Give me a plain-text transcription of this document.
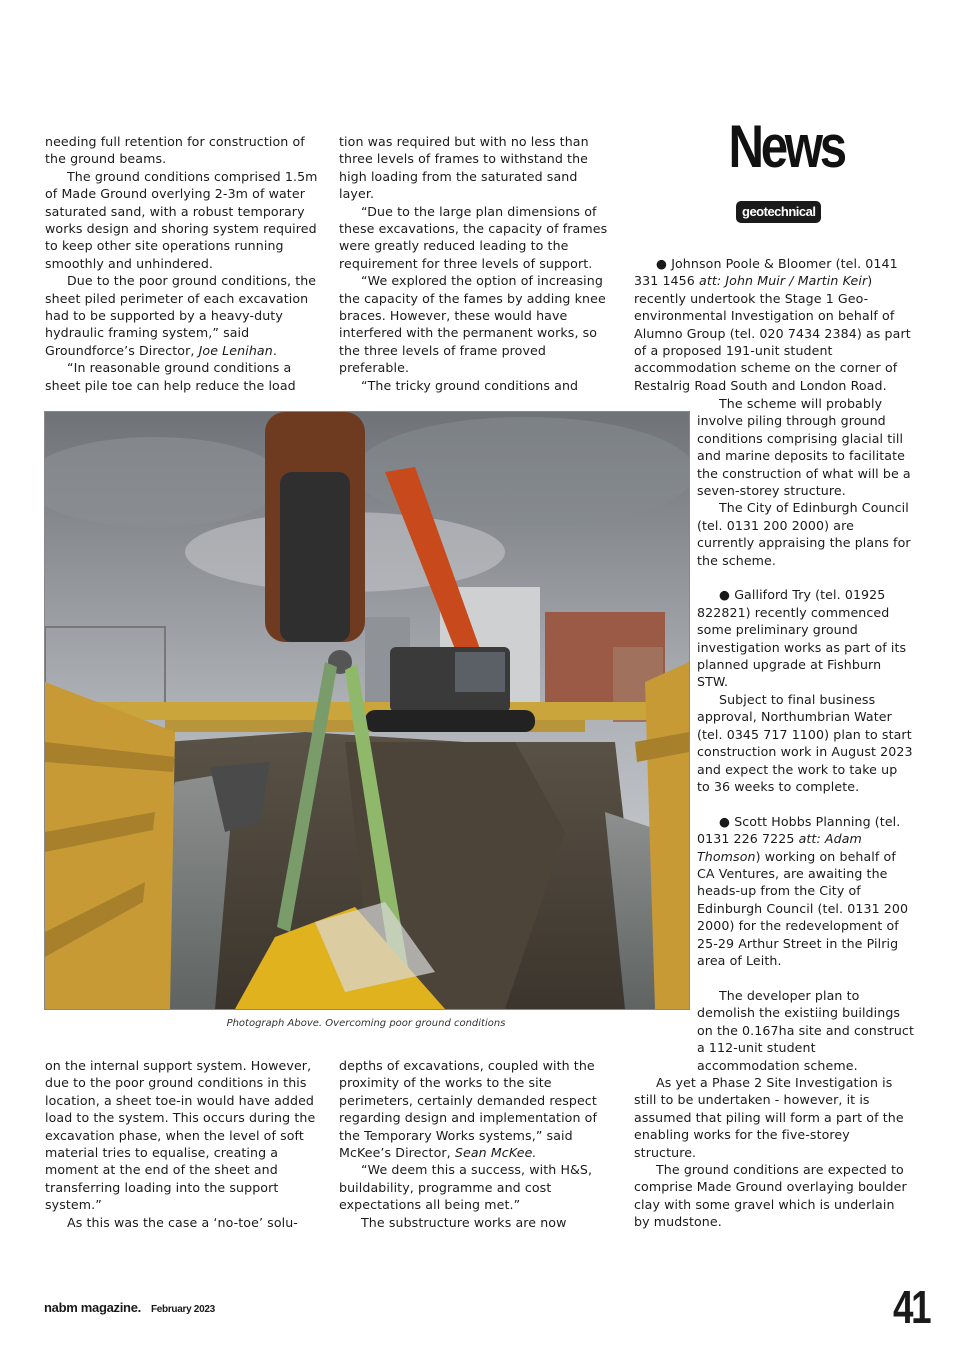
News
geotechnical

needing full retention for construction of the ground beams.

The ground conditions comprised 1.5m of Made Ground overlying 2-3m of water saturated sand, with a robust temporary works design and shoring system required to keep other site operations running smoothly and unhindered.

Due to the poor ground conditions, the sheet piled perimeter of each excavation had to be supported by a heavy-duty hydraulic framing system,” said Groundforce’s Director, Joe Lenihan.

“In reasonable ground conditions a sheet pile toe can help reduce the load

tion was required but with no less than three levels of frames to withstand the high loading from the saturated sand layer.

“Due to the large plan dimensions of these excavations, the capacity of frames were greatly reduced leading to the requirement for three levels of support.

“We explored the option of increasing the capacity of the fames by adding knee braces. However, these would have interfered with the permanent works, so the three levels of frame proved preferable.

“The tricky ground conditions and

Photograph Above. Overcoming poor ground conditions

on the internal support system. However, due to the poor ground conditions in this location, a sheet toe-in would have added load to the system. This occurs during the excavation phase, when the level of soft material tries to equalise, creating a moment at the end of the sheet and transferring loading into the support system.”

As this was the case a ‘no-toe’ solu-

depths of excavations, coupled with the proximity of the works to the site perimeters, certainly demanded respect regarding design and implementation of the Temporary Works systems,” said McKee’s Director, Sean McKee.

“We deem this a success, with H&S, buildability, programme and cost expectations all being met.”

The substructure works are now

● Johnson Poole & Bloomer (tel. 0141 331 1456 att: John Muir / Martin Keir) recently undertook the Stage 1 Geo-environmental Investigation on behalf of Alumno Group (tel. 020 7434 2384) as part of a proposed 191-unit student accommodation scheme on the corner of Restalrig Road South and London Road.

The scheme will probably involve piling through ground conditions comprising glacial till and marine deposits to facilitate the construction of what will be a seven-storey structure.

The City of Edinburgh Council (tel. 0131 200 2000) are currently appraising the plans for the scheme.

● Galliford Try (tel. 01925 822821) recently commenced some preliminary ground investigation works as part of its planned upgrade at Fishburn STW.

Subject to final business approval, Northumbrian Water (tel. 0345 717 1100) plan to start construction work in August 2023 and expect the work to take up to 36 weeks to complete.

● Scott Hobbs Planning (tel. 0131 226 7225 att: Adam Thomson) working on behalf of CA Ventures, are awaiting the heads-up from the City of Edinburgh Council (tel. 0131 200 2000) for the redevelopment of 25-29 Arthur Street in the Pilrig area of Leith.

The developer plan to demolish the existiing buildings on the 0.167ha site and construct a 112-unit student accommodation scheme.

As yet a Phase 2 Site Investigation is still to be undertaken - however, it is assumed that piling will form a part of the enabling works for the five-storey structure.

The ground conditions are expected to comprise Made Ground overlaying boulder clay with some gravel which is underlain by mudstone.

nabm magazine. February 2023	41
